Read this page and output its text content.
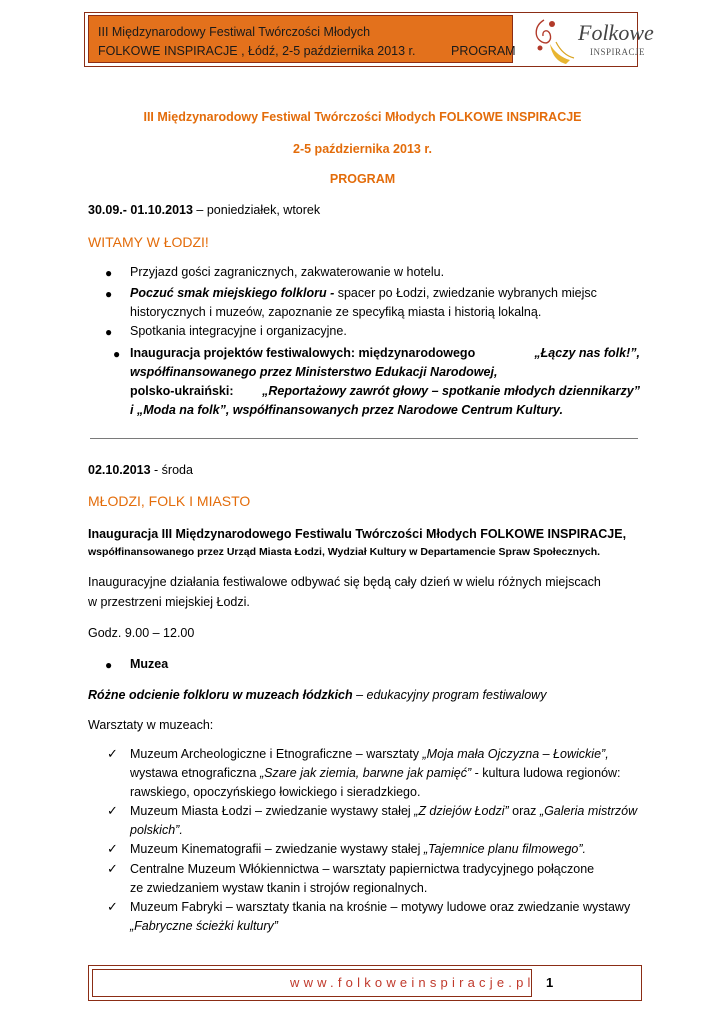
III Międzynarodowy Festiwal Twórczości Młodych
FOLKOWE INSPIRACJE , Łódź, 2-5 października 2013 r.	PROGRAM
Folkowe
INSPIRACJE
III Międzynarodowy Festiwal Twórczości Młodych FOLKOWE INSPIRACJE
2-5 października 2013 r.
PROGRAM
30.09.- 01.10.2013 – poniedziałek, wtorek
WITAMY W ŁODZI!
● Przyjazd gości zagranicznych, zakwaterowanie w hotelu.
● Poczuć smak miejskiego folkloru - spacer po Łodzi, zwiedzanie wybranych miejsc
historycznych i muzeów, zapoznanie ze specyfiką miasta i historią lokalną.
● Spotkania integracyjne i organizacyjne.
● Inauguracja projektów festiwalowych: międzynarodowego	„Łączy nas folk!”,
współfinansowanego przez Ministerstwo Edukacji Narodowej,
polsko-ukraiński: „Reportażowy zawrót głowy – spotkanie młodych dziennikarzy”
i „Moda na folk”, współfinansowanych przez Narodowe Centrum Kultury.
02.10.2013 - środa
MŁODZI, FOLK I MIASTO
Inauguracja III Międzynarodowego Festiwalu Twórczości Młodych FOLKOWE INSPIRACJE,
współfinansowanego przez Urząd Miasta Łodzi, Wydział Kultury w Departamencie Spraw Społecznych.
Inauguracyjne działania festiwalowe odbywać się będą cały dzień w wielu różnych miejscach
w przestrzeni miejskiej Łodzi.
Godz. 9.00 – 12.00
● Muzea
Różne odcienie folkloru w muzeach łódzkich – edukacyjny program festiwalowy
Warsztaty w muzeach:
✓ Muzeum Archeologiczne i Etnograficzne – warsztaty „Moja mała Ojczyzna – Łowickie”,
wystawa etnograficzna „Szare jak ziemia, barwne jak pamięć” - kultura ludowa regionów:
rawskiego, opoczyńskiego łowickiego i sieradzkiego.
✓ Muzeum Miasta Łodzi – zwiedzanie wystawy stałej „Z dziejów Łodzi” oraz „Galeria mistrzów
polskich”.
✓ Muzeum Kinematografii – zwiedzanie wystawy stałej „Tajemnice planu filmowego”.
✓ Centralne Muzeum Włókiennictwa – warsztaty papiernictwa tradycyjnego połączone
ze zwiedzaniem wystaw tkanin i strojów regionalnych.
✓ Muzeum Fabryki – warsztaty tkania na krośnie – motywy ludowe oraz zwiedzanie wystawy
„Fabryczne ścieżki kultury”
www.folkoweinspiracje.pl 1
